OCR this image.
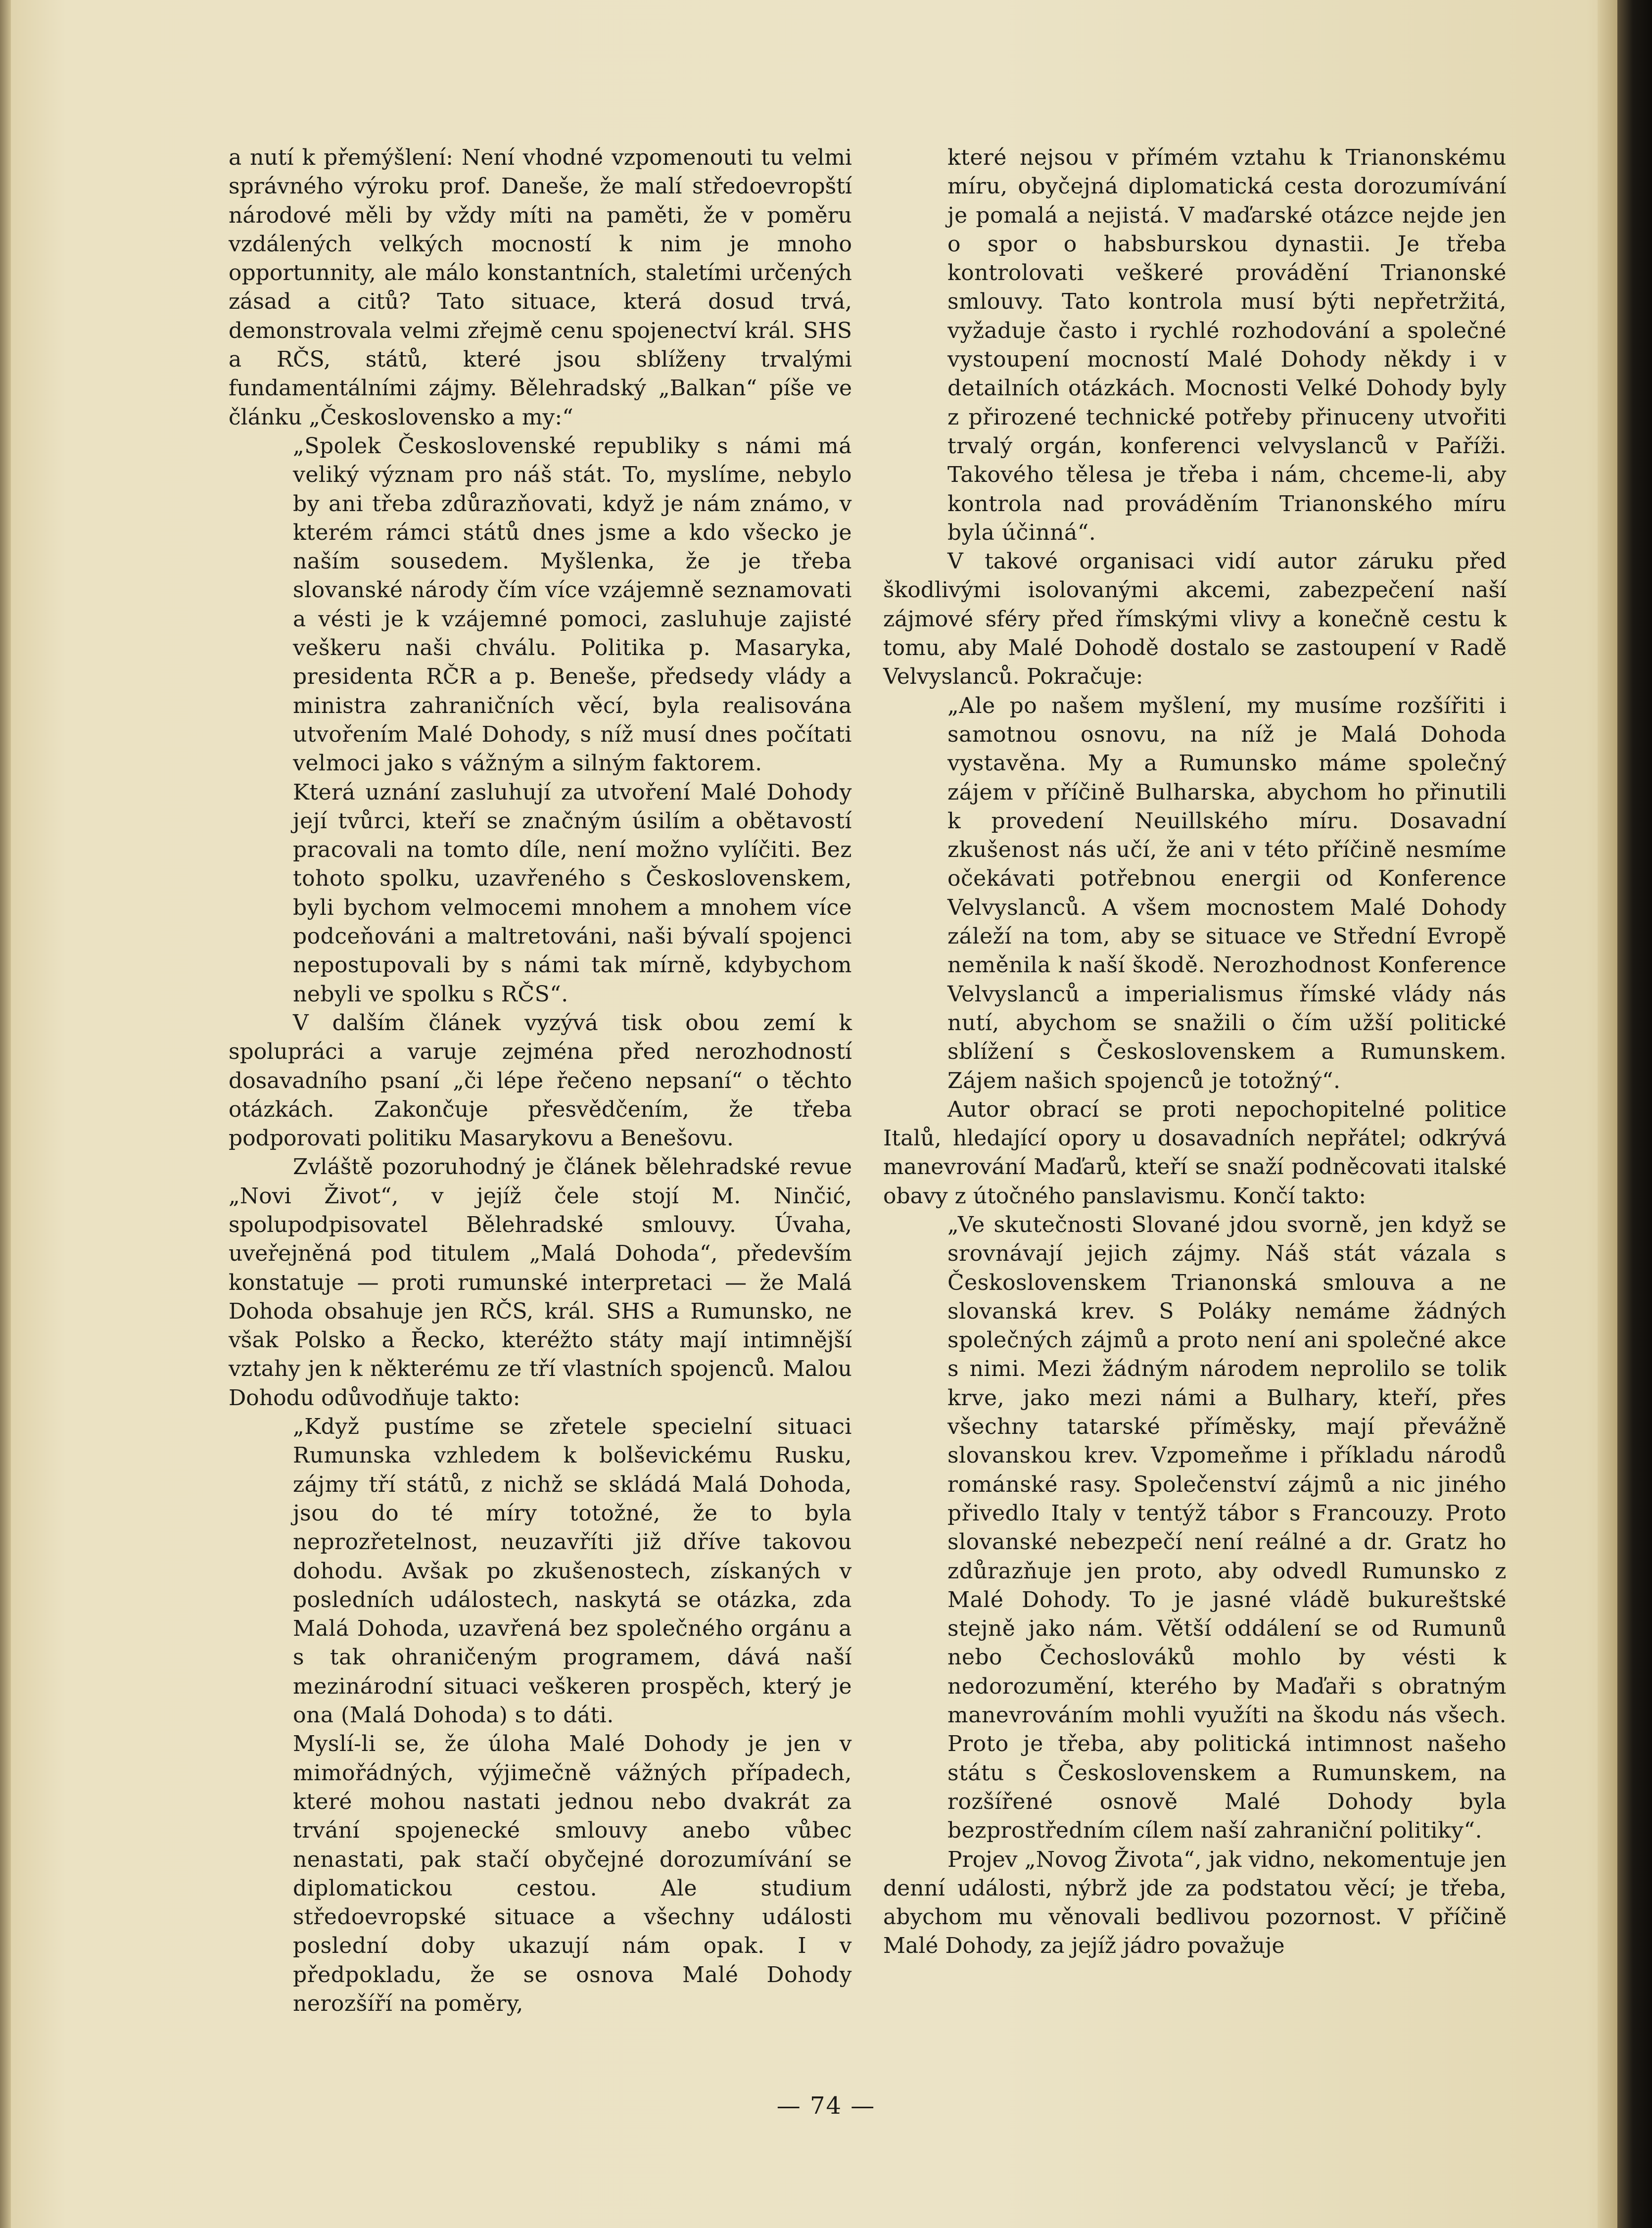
a nutí k přemýšlení: Není vhodné vzpomenouti tu velmi správného výroku prof. Daneše, že malí středoevropští národové měli by vždy míti na paměti, že v poměru vzdálených velkých mocností k nim je mnoho opportunnity, ale málo konstantních, staletími určených zásad a citů? Tato situace, která dosud trvá, demonstrovala velmi zřejmě cenu spojenectví král. SHS a RČS, států, které jsou sblíženy trvalými fundamentálními zájmy. Bělehradský „Balkan“ píše ve článku „Československo a my:“

„Spolek Československé republiky s námi má veliký význam pro náš stát. To, myslíme, nebylo by ani třeba zdůrazňovati, když je nám známo, v kterém rámci států dnes jsme a kdo všecko je naším sousedem. Myšlenka, že je třeba slovanské národy čím více vzájemně seznamovati a vésti je k vzájemné pomoci, zasluhuje zajisté veškeru naši chválu. Politika p. Masaryka, presidenta RČR a p. Beneše, předsedy vlády a ministra zahraničních věcí, byla realisována utvořením Malé Dohody, s níž musí dnes počítati velmoci jako s vážným a silným faktorem.

Která uznání zasluhují za utvoření Malé Dohody její tvůrci, kteří se značným úsilím a obětavostí pracovali na tomto díle, není možno vylíčiti. Bez tohoto spolku, uzavřeného s Československem, byli bychom velmocemi mnohem a mnohem více podceňováni a maltretováni, naši bývalí spojenci nepostupovali by s námi tak mírně, kdybychom nebyli ve spolku s RČS“.

V dalším článek vyzývá tisk obou zemí k spolupráci a varuje zejména před nerozhodností dosavadního psaní „či lépe řečeno nepsaní“ o těchto otázkách. Zakončuje přesvědčením, že třeba podporovati politiku Masarykovu a Benešovu.

Zvláště pozoruhodný je článek bělehradské revue „Novi Život“, v jejíž čele stojí M. Ninčić, spolupodpisovatel Bělehradské smlouvy. Úvaha, uveřejněná pod titulem „Malá Dohoda“, především konstatuje — proti rumunské interpretaci — že Malá Dohoda obsahuje jen RČS, král. SHS a Rumunsko, ne však Polsko a Řecko, kteréžto státy mají intimnější vztahy jen k některému ze tří vlastních spojenců. Malou Dohodu odůvodňuje takto:

„Když pustíme se zřetele specielní situaci Rumunska vzhledem k bolševickému Rusku, zájmy tří států, z nichž se skládá Malá Dohoda, jsou do té míry totožné, že to byla neprozřetelnost, neuzavříti již dříve takovou dohodu. Avšak po zkušenostech, získaných v posledních událostech, naskytá se otázka, zda Malá Dohoda, uzavřená bez společného orgánu a s tak ohraničeným programem, dává naší mezinárodní situaci veškeren prospěch, který je ona (Malá Dohoda) s to dáti.

Myslí-li se, že úloha Malé Dohody je jen v mimořádných, výjimečně vážných případech, které mohou nastati jednou nebo dvakrát za trvání spojenecké smlouvy anebo vůbec nenastati, pak stačí obyčejné dorozumívání se diplomatickou cestou. Ale studium středoevropské situace a všechny události poslední doby ukazují nám opak. I v předpokladu, že se osnova Malé Dohody nerozšíří na poměry,

které nejsou v přímém vztahu k Trianonskému míru, obyčejná diplomatická cesta dorozumívání je pomalá a nejistá. V maďarské otázce nejde jen o spor o habsburskou dynastii. Je třeba kontrolovati veškeré provádění Trianonské smlouvy. Tato kontrola musí býti nepřetržitá, vyžaduje často i rychlé rozhodování a společné vystoupení mocností Malé Dohody někdy i v detailních otázkách. Mocnosti Velké Dohody byly z přirozené technické potřeby přinuceny utvořiti trvalý orgán, konferenci velvyslanců v Paříži. Takového tělesa je třeba i nám, chceme-li, aby kontrola nad prováděním Trianonského míru byla účinná“.

V takové organisaci vidí autor záruku před škodlivými isolovanými akcemi, zabezpečení naší zájmové sféry před římskými vlivy a konečně cestu k tomu, aby Malé Dohodě dostalo se zastoupení v Radě Velvyslanců. Pokračuje:

„Ale po našem myšlení, my musíme rozšířiti i samotnou osnovu, na níž je Malá Dohoda vystavěna. My a Rumunsko máme společný zájem v příčině Bulharska, abychom ho přinutili k provedení Neuillského míru. Dosavadní zkušenost nás učí, že ani v této příčině nesmíme očekávati potřebnou energii od Konference Velvyslanců. A všem mocnostem Malé Dohody záleží na tom, aby se situace ve Střední Evropě neměnila k naší škodě. Nerozhodnost Konference Velvyslanců a imperialismus římské vlády nás nutí, abychom se snažili o čím užší politické sblížení s Československem a Rumunskem. Zájem našich spojenců je totožný“.

Autor obrací se proti nepochopitelné politice Italů, hledající opory u dosavadních nepřátel; odkrývá manevrování Maďarů, kteří se snaží podněcovati italské obavy z útočného panslavismu. Končí takto:

„Ve skutečnosti Slované jdou svorně, jen když se srovnávají jejich zájmy. Náš stát vázala s Československem Trianonská smlouva a ne slovanská krev. S Poláky nemáme žádných společných zájmů a proto není ani společné akce s nimi. Mezi žádným národem neprolilo se tolik krve, jako mezi námi a Bulhary, kteří, přes všechny tatarské příměsky, mají převážně slovanskou krev. Vzpomeňme i příkladu národů románské rasy. Společenství zájmů a nic jiného přivedlo Italy v tentýž tábor s Francouzy. Proto slovanské nebezpečí není reálné a dr. Gratz ho zdůrazňuje jen proto, aby odvedl Rumunsko z Malé Dohody. To je jasné vládě bukureštské stejně jako nám. Větší oddálení se od Rumunů nebo Čechoslováků mohlo by vésti k nedorozumění, kterého by Maďaři s obratným manevrováním mohli využíti na škodu nás všech. Proto je třeba, aby politická intimnost našeho státu s Československem a Rumunskem, na rozšířené osnově Malé Dohody byla bezprostředním cílem naší zahraniční politiky“.

Projev „Novog Života“, jak vidno, nekomentuje jen denní události, nýbrž jde za podstatou věcí; je třeba, abychom mu věnovali bedlivou pozornost. V příčině Malé Dohody, za jejíž jádro považuje

— 74 —
